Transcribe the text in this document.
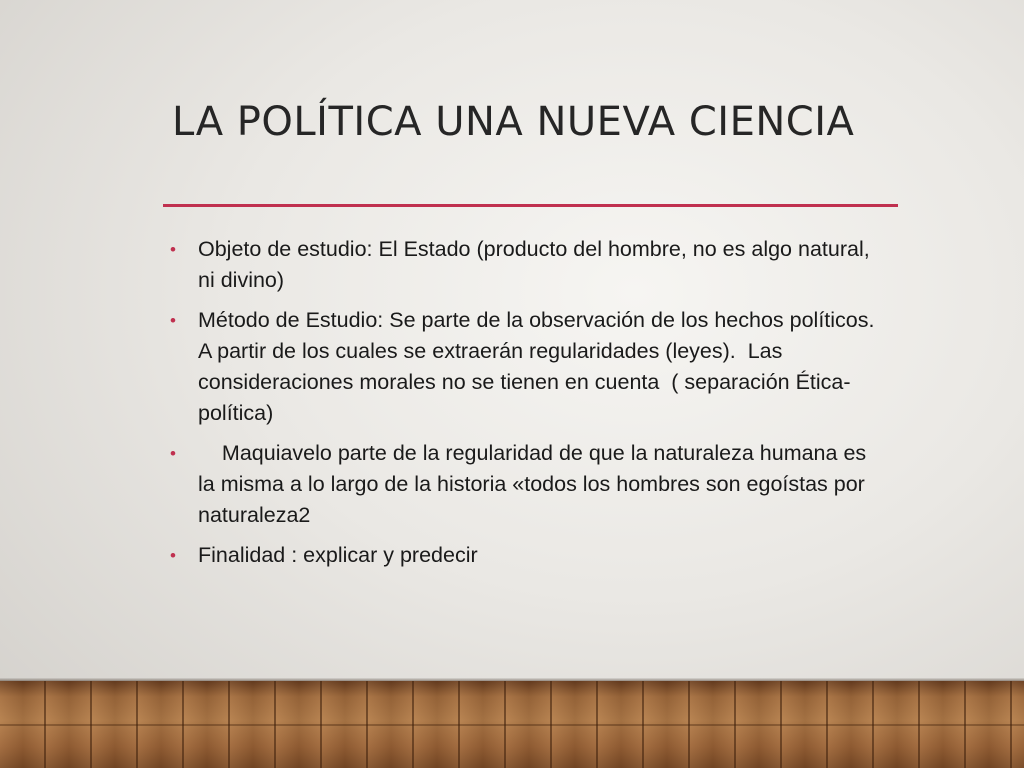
LA POLÍTICA UNA NUEVA CIENCIA

• Objeto de estudio: El Estado (producto del hombre, no es algo natural, ni divino)

• Método de Estudio: Se parte de la observación de los hechos políticos. A partir de los cuales se extraerán regularidades (leyes).  Las consideraciones morales no se tienen en cuenta  ( separación Ética-política)

• Maquiavelo parte de la regularidad de que la naturaleza humana es la misma a lo largo de la historia «todos los hombres son egoístas por naturaleza2

• Finalidad : explicar y predecir
